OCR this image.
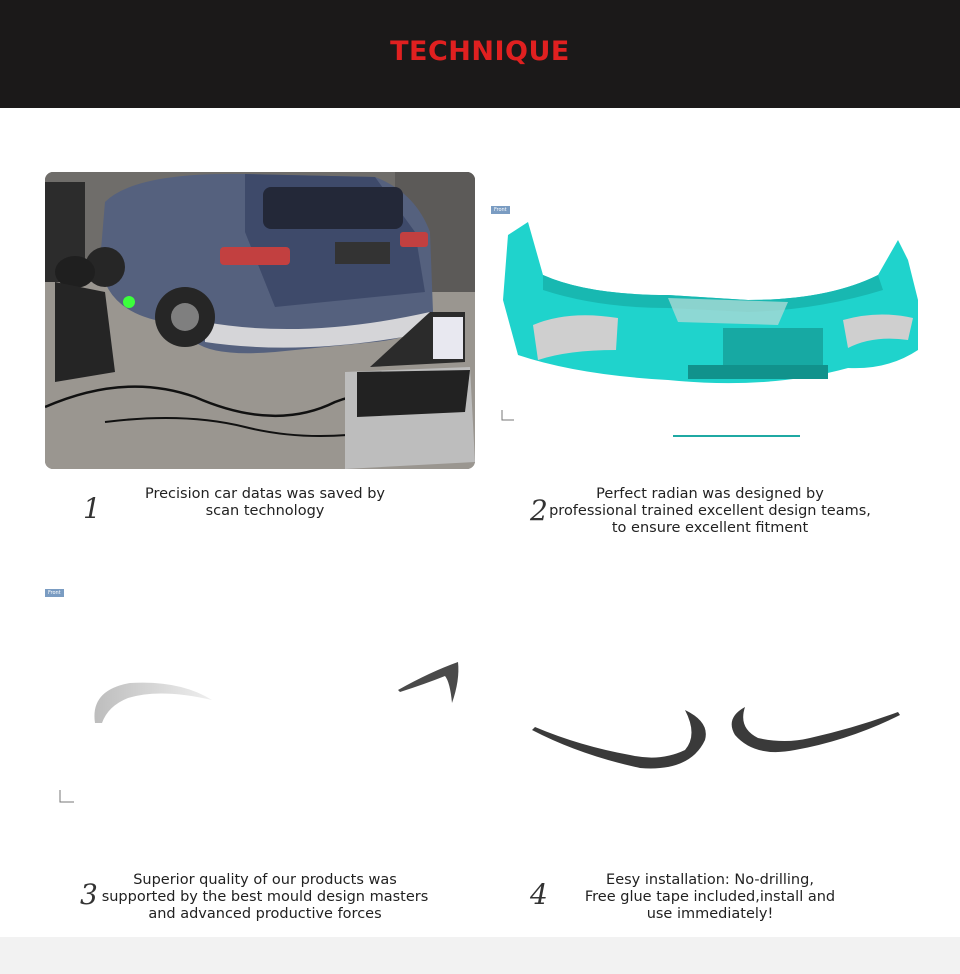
TECHNIQUE
Front
1	Precision car datas was saved by
scan technology	2	Perfect radian was designed by
professional trained excellent design teams,
to ensure excellent fitment
Front
3	Superior quality of our products was
supported by the best mould design masters
and advanced productive forces
4	Eesy installation: No-drilling,
Free glue tape included,install and
use immediately!
